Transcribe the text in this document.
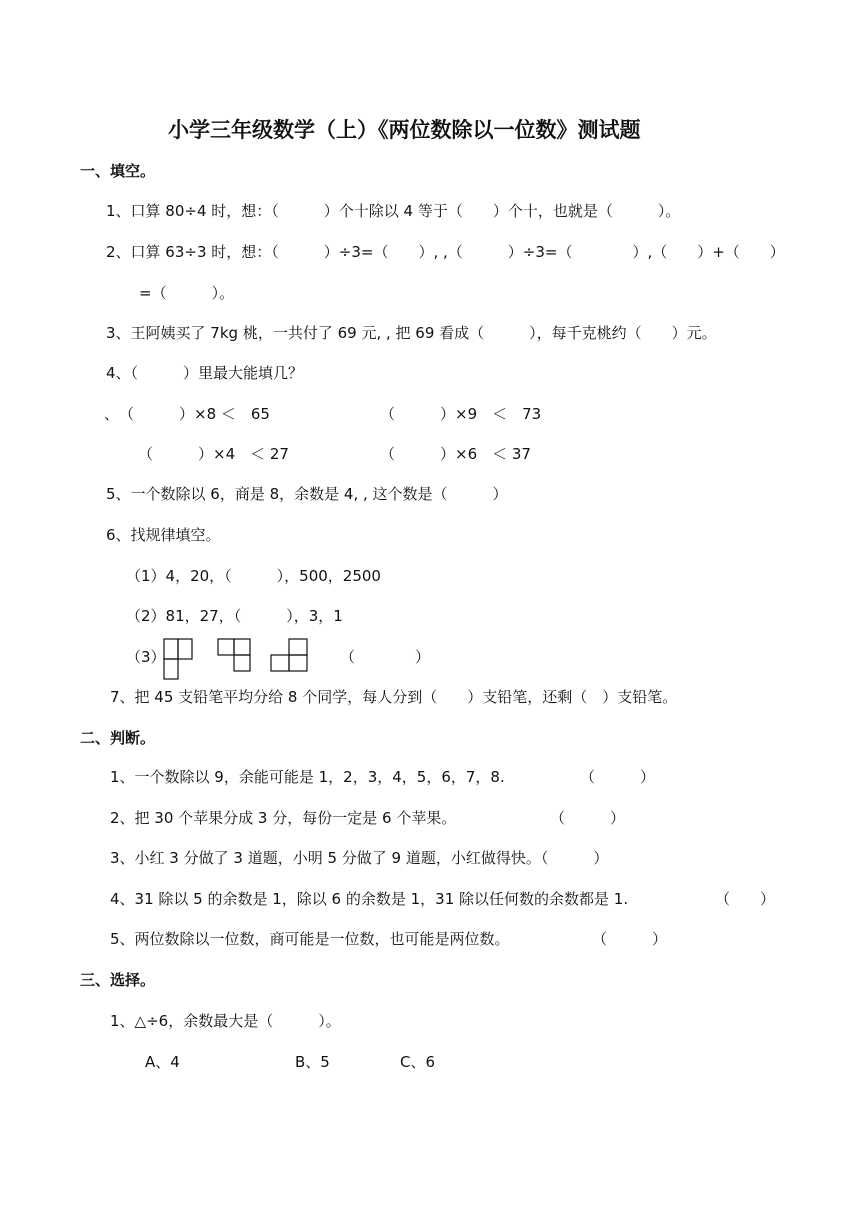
小学三年级数学（上）《两位数除以一位数》测试题
一、填空。
1、口算 80÷4 时，想：（　　　）个十除以 4 等于（　　）个十，也就是（　　　）。
2、口算 63÷3 时，想：（　　　）÷3=（　　）, ,（　　　）÷3=（　　　　）,（　　）+（　　）
=（　　　）。
3、王阿姨买了 7kg 桃，一共付了 69 元, , 把 69 看成（　　　），每千克桃约（　　）元。
4、（　　　）里最大能填几？
、　（　　　）×8 ＜　65	（　　　）×9　＜　73
（　　　）×4　＜ 27	（　　　）×6　＜ 37
5、一个数除以 6，商是 8，余数是 4, , 这个数是（　　　）
6、找规律填空。
（1）4，20，（　　　），500，2500
（2）81，27，（　　　），3，1
（3）	（　　　　）
7、把 45 支铅笔平均分给 8 个同学，每人分到（　　）支铅笔，还剩（　）支铅笔。
二、判断。
1、一个数除以 9，余能可能是 1，2，3，4，5，6，7，8.	（　　　）
2、把 30 个苹果分成 3 分，每份一定是 6 个苹果。	（　　　）
3、小红 3 分做了 3 道题，小明 5 分做了 9 道题，小红做得快。（　　　）
4、31 除以 5 的余数是 1，除以 6 的余数是 1，31 除以任何数的余数都是 1.	（　　）
5、两位数除以一位数，商可能是一位数，也可能是两位数。	（　　　）
三、选择。
1、△÷6，余数最大是（　　　）。
A、4	B、5	C、6
